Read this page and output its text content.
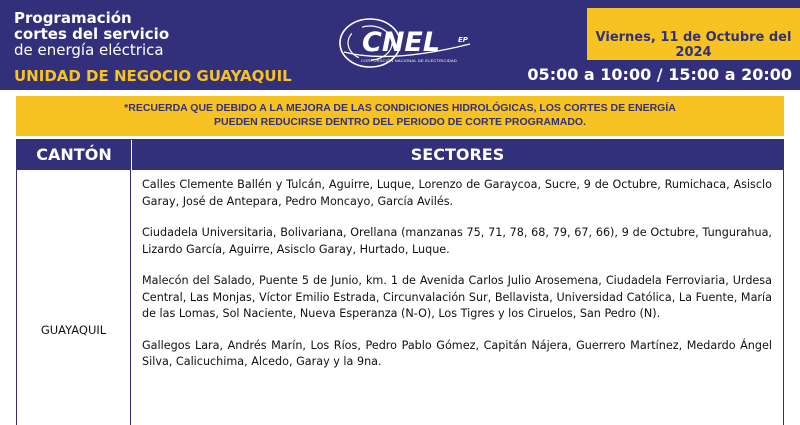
Programación
cortes del servicio
de energía eléctrica
UNIDAD DE NEGOCIO GUAYAQUIL
CNEL	EP
CORPORACIÓN NACIONAL DE ELECTRICIDAD
Viernes, 11 de Octubre del 2024
05:00 a 10:00 / 15:00 a 20:00
*RECUERDA QUE DEBIDO A LA MEJORA DE LAS CONDICIONES HIDROLÓGICAS, LOS CORTES DE ENERGÍA
PUEDEN REDUCIRSE DENTRO DEL PERIODO DE CORTE PROGRAMADO.
CANTÓN	SECTORES
GUAYAQUIL

Calles Clemente Ballén y Tulcán, Aguirre, Luque, Lorenzo de Garaycoa, Sucre, 9 de Octubre, Rumichaca, Asisclo Garay, José de Antepara, Pedro Moncayo, García Avilés.

Ciudadela Universitaria, Bolivariana, Orellana (manzanas 75, 71, 78, 68, 79, 67, 66), 9 de Octubre, Tungurahua, Lizardo García, Aguirre, Asisclo Garay, Hurtado, Luque.

Malecón del Salado, Puente 5 de Junio, km. 1 de Avenida Carlos Julio Arosemena, Ciudadela Ferroviaria, Urdesa Central, Las Monjas, Víctor Emilio Estrada, Circunvalación Sur, Bellavista, Universidad Católica, La Fuente, María de las Lomas, Sol Naciente, Nueva Esperanza (N-O), Los Tigres y los Ciruelos, San Pedro (N).

Gallegos Lara, Andrés Marín, Los Ríos, Pedro Pablo Gómez, Capitán Nájera, Guerrero Martínez, Medardo Ángel Silva, Calicuchima, Alcedo, Garay y la 9na.
